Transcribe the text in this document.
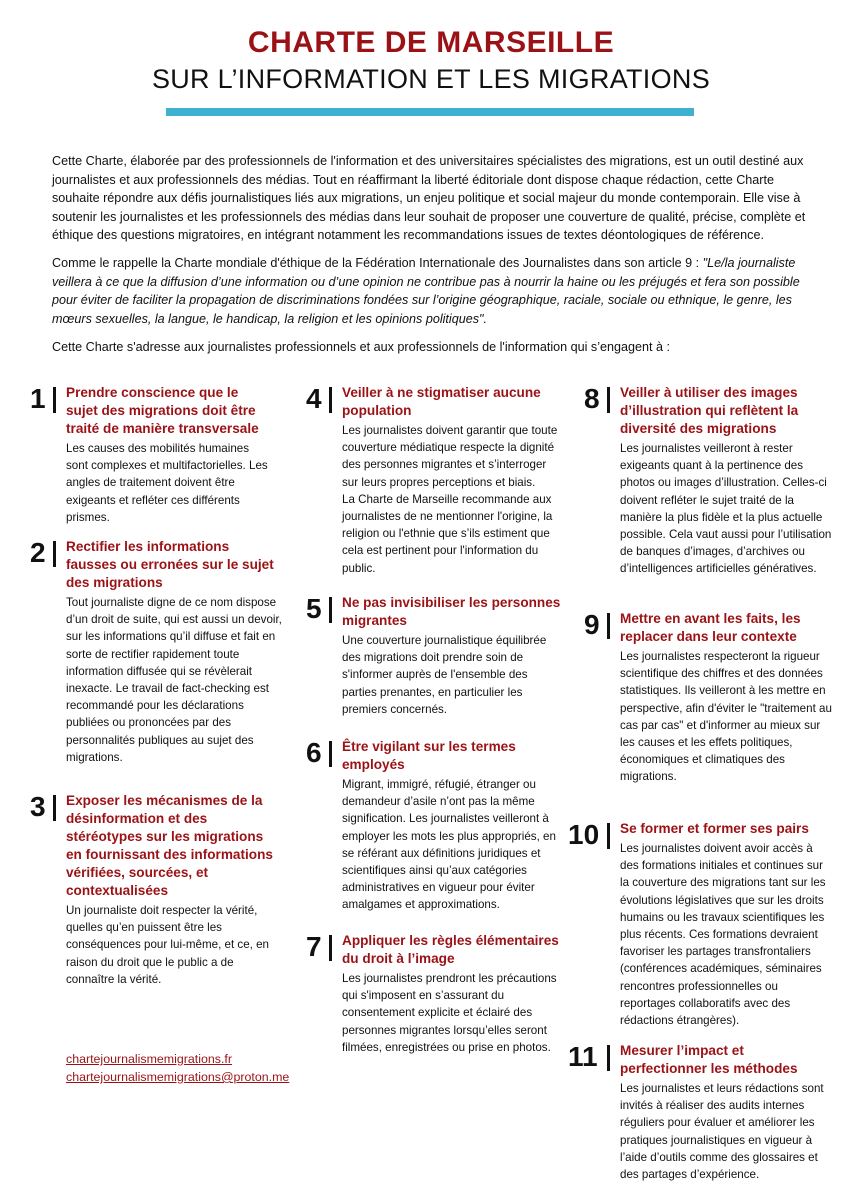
CHARTE DE MARSEILLE
SUR L’INFORMATION ET LES MIGRATIONS

Cette Charte, élaborée par des professionnels de l'information et des universitaires spécialistes des migrations, est un outil destiné aux journalistes et aux professionnels des médias. Tout en réaffirmant la liberté éditoriale dont dispose chaque rédaction, cette Charte souhaite répondre aux défis journalistiques liés aux migrations, un enjeu politique et social majeur du monde contemporain. Elle vise à soutenir les journalistes et les professionnels des médias dans leur souhait de proposer une couverture de qualité, précise, complète et éthique des questions migratoires, en intégrant notamment les recommandations issues de textes déontologiques de référence.

Comme le rappelle la Charte mondiale d'éthique de la Fédération Internationale des Journalistes dans son article 9 : "Le/la journaliste veillera à ce que la diffusion d’une information ou d’une opinion ne contribue pas à nourrir la haine ou les préjugés et fera son possible pour éviter de faciliter la propagation de discriminations fondées sur l’origine géographique, raciale, sociale ou ethnique, le genre, les mœurs sexuelles, la langue, le handicap, la religion et les opinions politiques".

Cette Charte s'adresse aux journalistes professionnels et aux professionnels de l'information qui s’engagent à :

1 Prendre conscience que le sujet des migrations doit être traité de manière transversale

Les causes des mobilités humaines sont complexes et multifactorielles. Les angles de traitement doivent être exigeants et refléter ces différents prismes.

2 Rectifier les informations fausses ou erronées sur le sujet des migrations

Tout journaliste digne de ce nom dispose d’un droit de suite, qui est aussi un devoir, sur les informations qu’il diffuse et fait en sorte de rectifier rapidement toute information diffusée qui se révèlerait inexacte. Le travail de fact-checking est recommandé pour les déclarations publiées ou prononcées par des personnalités publiques au sujet des migrations.

3 Exposer les mécanismes de la désinformation et des stéréotypes sur les migrations en fournissant des informations vérifiées, sourcées, et contextualisées

Un journaliste doit respecter la vérité, quelles qu’en puissent être les conséquences pour lui-même, et ce, en raison du droit que le public a de connaître la vérité.

chartejournalismemigrations.fr
chartejournalismemigrations@proton.me
4 Veiller à ne stigmatiser aucune population

Les journalistes doivent garantir que toute couverture médiatique respecte la dignité des personnes migrantes et s’interroger sur leurs propres perceptions et biais.

La Charte de Marseille recommande aux journalistes de ne mentionner l'origine, la religion ou l'ethnie que s’ils estiment que cela est pertinent pour l'information du public.

5 Ne pas invisibiliser les personnes migrantes

Une couverture journalistique équilibrée des migrations doit prendre soin de s'informer auprès de l'ensemble des parties prenantes, en particulier les premiers concernés.

6 Être vigilant sur les termes employés

Migrant, immigré, réfugié, étranger ou demandeur d’asile n’ont pas la même signification. Les journalistes veilleront à employer les mots les plus appropriés, en se référant aux définitions juridiques et scientifiques ainsi qu’aux catégories administratives en vigueur pour éviter amalgames et approximations.

7 Appliquer les règles élémentaires du droit à l’image

Les journalistes prendront les précautions qui s'imposent en s’assurant du consentement explicite et éclairé des personnes migrantes lorsqu’elles seront filmées, enregistrées ou prise en photos.

8 Veiller à utiliser des images d’illustration qui reflètent la diversité des migrations

Les journalistes veilleront à rester exigeants quant à la pertinence des photos ou images d’illustration. Celles-ci doivent refléter le sujet traité de la manière la plus fidèle et la plus actuelle possible. Cela vaut aussi pour l’utilisation de banques d’images, d’archives ou d’intelligences artificielles génératives.

9 Mettre en avant les faits, les replacer dans leur contexte

Les journalistes respecteront la rigueur scientifique des chiffres et des données statistiques. Ils veilleront à les mettre en perspective, afin d'éviter le "traitement au cas par cas" et d'informer au mieux sur les causes et les effets politiques, économiques et climatiques des migrations.

10 Se former et former ses pairs

Les journalistes doivent avoir accès à des formations initiales et continues sur la couverture des migrations tant sur les évolutions législatives que sur les droits humains ou les travaux scientifiques les plus récents. Ces formations devraient favoriser les partages transfrontaliers (conférences académiques, séminaires rencontres professionnelles ou reportages collaboratifs avec des rédactions étrangères).

11 Mesurer l’impact et perfectionner les méthodes

Les journalistes et leurs rédactions sont invités à réaliser des audits internes réguliers pour évaluer et améliorer les pratiques journalistiques en vigueur à l’aide d’outils comme des glossaires et des partages d’expérience.
